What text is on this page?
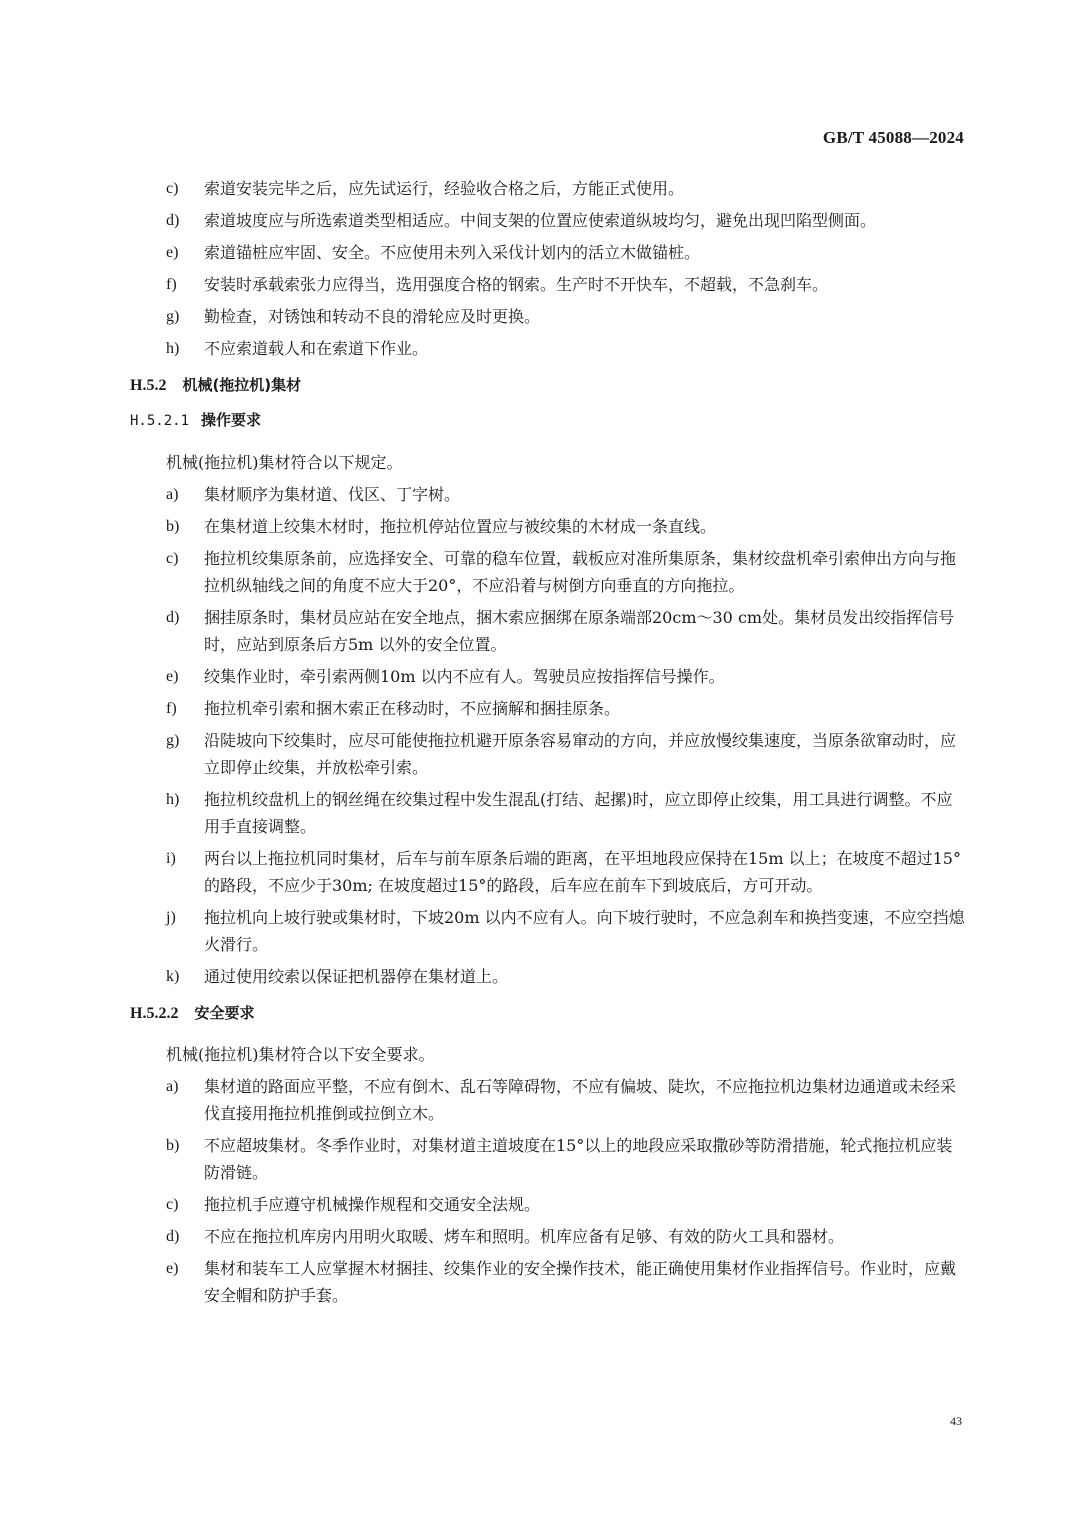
GB/T 45088—2024
c)	索道安装完毕之后，应先试运行，经验收合格之后，方能正式使用。
d)	索道坡度应与所选索道类型相适应。中间支架的位置应使索道纵坡均匀，避免出现凹陷型侧面。
e)	索道锚桩应牢固、安全。不应使用未列入采伐计划内的活立木做锚桩。
f)	安装时承载索张力应得当，选用强度合格的钢索。生产时不开快车，不超载，不急刹车。
g)	勤检查，对锈蚀和转动不良的滑轮应及时更换。
h)	不应索道载人和在索道下作业。
H.5.2 机械(拖拉机)集材
H.5.2.1 操作要求
机械(拖拉机)集材符合以下规定。
a)	集材顺序为集材道、伐区、丁字树。
b)	在集材道上绞集木材时，拖拉机停站位置应与被绞集的木材成一条直线。
c)	拖拉机绞集原条前，应选择安全、可靠的稳车位置，载板应对准所集原条，集材绞盘机牵引索伸出方向与拖拉机纵轴线之间的角度不应大于20°，不应沿着与树倒方向垂直的方向拖拉。
d)	捆挂原条时，集材员应站在安全地点，捆木索应捆绑在原条端部20cm～30 cm处。集材员发出绞指挥信号时，应站到原条后方5m 以外的安全位置。
e)	绞集作业时，牵引索两侧10m 以内不应有人。驾驶员应按指挥信号操作。
f)	拖拉机牵引索和捆木索正在移动时，不应摘解和捆挂原条。
g)	沿陡坡向下绞集时，应尽可能使拖拉机避开原条容易窜动的方向，并应放慢绞集速度，当原条欲窜动时，应立即停止绞集，并放松牵引索。
h)	拖拉机绞盘机上的钢丝绳在绞集过程中发生混乱(打结、起摞)时，应立即停止绞集，用工具进行调整。不应用手直接调整。
i)	两台以上拖拉机同时集材，后车与前车原条后端的距离，在平坦地段应保持在15m 以上；在坡度不超过15°的路段，不应少于30m; 在坡度超过15°的路段，后车应在前车下到坡底后，方可开动。
j)	拖拉机向上坡行驶或集材时，下坡20m 以内不应有人。向下坡行驶时，不应急刹车和换挡变速，不应空挡熄火滑行。
k)	通过使用绞索以保证把机器停在集材道上。
H.5.2.2 安全要求
机械(拖拉机)集材符合以下安全要求。
a)	集材道的路面应平整，不应有倒木、乱石等障碍物，不应有偏坡、陡坎，不应拖拉机边集材边通道或未经采伐直接用拖拉机推倒或拉倒立木。
b)	不应超坡集材。冬季作业时，对集材道主道坡度在15°以上的地段应采取撒砂等防滑措施，轮式拖拉机应装防滑链。
c)	拖拉机手应遵守机械操作规程和交通安全法规。
d)	不应在拖拉机库房内用明火取暖、烤车和照明。机库应备有足够、有效的防火工具和器材。
e)	集材和装车工人应掌握木材捆挂、绞集作业的安全操作技术，能正确使用集材作业指挥信号。作业时，应戴安全帽和防护手套。
43
